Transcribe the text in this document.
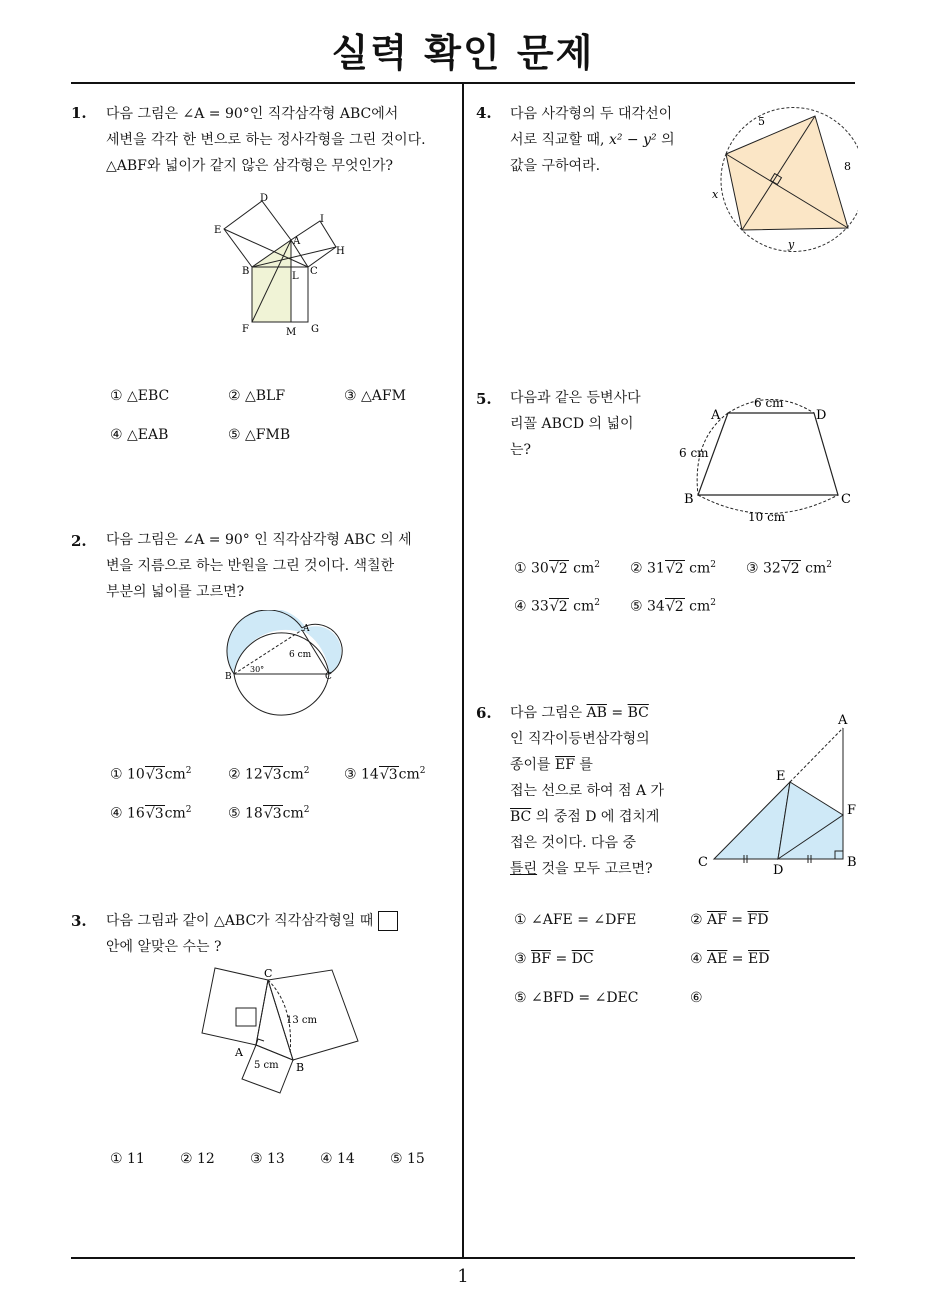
실력 확인 문제
1
1. 다음 그림은 ∠A = 90°인 직각삼각형 ABC에서
세변을 각각 한 변으로 하는 정사각형을 그린 것이다.
△ABF와 넓이가 같지 않은 삼각형은 무엇인가?
D
E
I
A
H
B	L C
F	M G
① △EBC	② △BLF	③ △AFM
④ △EAB	⑤ △FMB
2. 다음 그림은 ∠A = 90° 인 직각삼각형 ABC 의 세
변을 지름으로 하는 반원을 그린 것이다. 색칠한
부분의 넓이를 고르면?
A
6 cm
30°
B	C
① $10√3cm^2$	② $12√3cm^2$ ③ $14√3cm^2$
④ $16√3cm^2$	⑤ $18√3cm^2$
3. 다음 그림과 같이 △ABC가 직각삼각형일 때
안에 알맞은 수는 ?
C
13 cm
A
5 cm B
① 11	② 12	③ 13	④ 14	⑤ 15
4. 다음 사각형의 두 대각선이
서로 직교할 때, x² − y² 의
값을 구하여라.
5
8
x
y
5. 다음과 같은 등변사다
리꼴 ABCD 의 넓이
는?
A
6 cm
D
6 cm
B	C
10 cm
① 30√2 $cm^2$ ② 31√2 $cm^2$ ③ 32√2 $cm^2$
④ 33√2 $cm^2$ ⑤ 34√2 $cm^2$
6. 다음 그림은 $\overline{AB} = \overline{BC}$
인 직각이등변삼각형의
종이를 $\overline{EF}$ 를
접는 선으로 하여 점 A 가
$\overline{BC}$ 의 중점 D 에 겹치게
접은 것이다. 다음 중
틀린 것을 모두 고르면?
A
E
F
C
D
B
① ∠AFE = ∠DFE	② $\overline{AF} = \overline{FD}$
③ $\overline{BF} = \overline{DC}$	④ $\overline{AE} = \overline{ED}$
⑤ ∠BFD = ∠DEC	⑥
